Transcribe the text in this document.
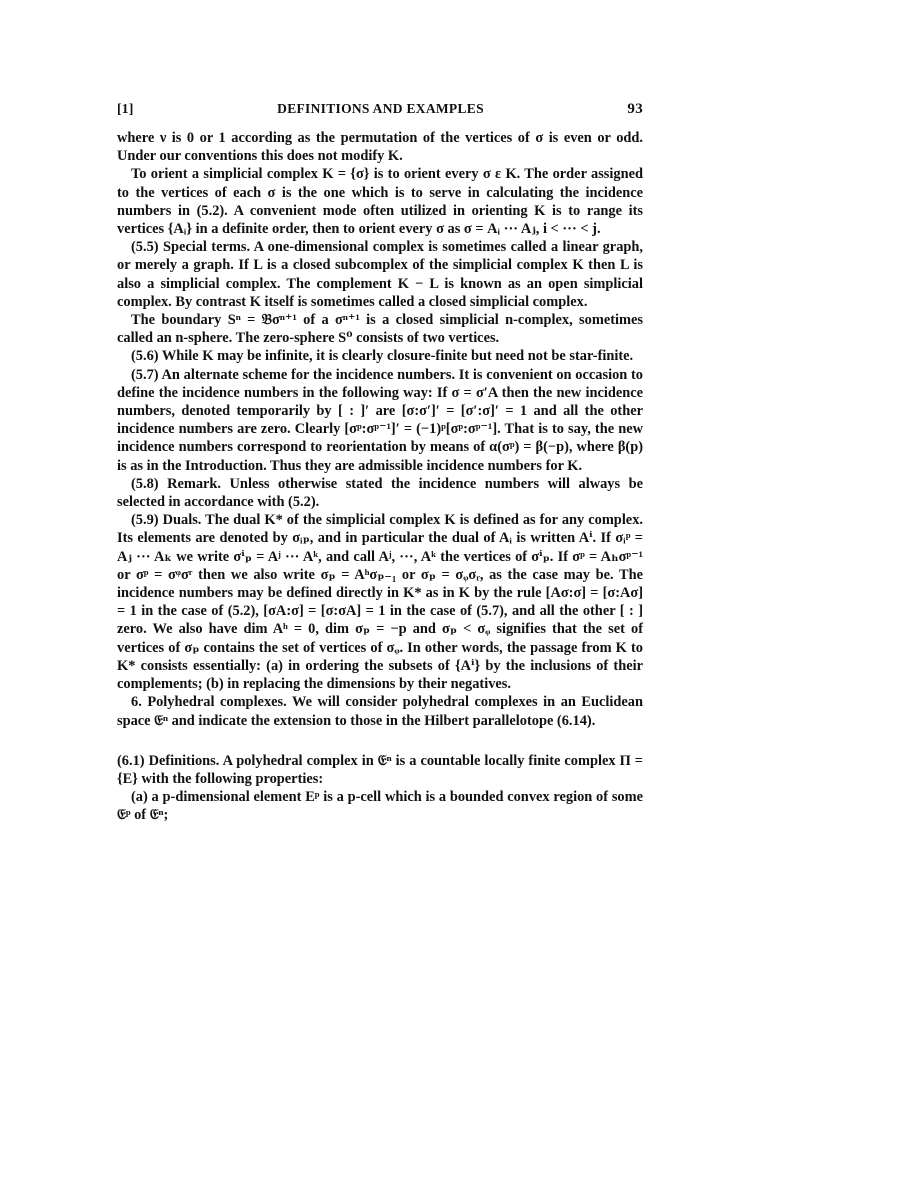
[1]	DEFINITIONS AND EXAMPLES	93

where ν is 0 or 1 according as the permutation of the vertices of σ is even or odd. Under our conventions this does not modify K.

To orient a simplicial complex K = {σ} is to orient every σ ε K. The order assigned to the vertices of each σ is the one which is to serve in calculating the incidence numbers in (5.2). A convenient mode often utilized in orienting K is to range its vertices {Aᵢ} in a definite order, then to orient every σ as σ = Aᵢ ··· Aⱼ, i < ··· < j.

(5.5) Special terms. A one-dimensional complex is sometimes called a linear graph, or merely a graph. If L is a closed subcomplex of the simplicial complex K then L is also a simplicial complex. The complement K − L is known as an open simplicial complex. By contrast K itself is sometimes called a closed simplicial complex.

The boundary Sⁿ = 𝔅σⁿ⁺¹ of a σⁿ⁺¹ is a closed simplicial n-complex, sometimes called an n-sphere. The zero-sphere S⁰ consists of two vertices.

(5.6) While K may be infinite, it is clearly closure-finite but need not be star-finite.

(5.7) An alternate scheme for the incidence numbers. It is convenient on occasion to define the incidence numbers in the following way: If σ = σ′A then the new incidence numbers, denoted temporarily by [ : ]′ are [σ:σ′]′ = [σ′:σ]′ = 1 and all the other incidence numbers are zero. Clearly [σᵖ:σᵖ⁻¹]′ = (−1)ᵖ[σᵖ:σᵖ⁻¹]. That is to say, the new incidence numbers correspond to reorientation by means of α(σᵖ) = β(−p), where β(p) is as in the Introduction. Thus they are admissible incidence numbers for K.

(5.8) Remark. Unless otherwise stated the incidence numbers will always be selected in accordance with (5.2).

(5.9) Duals. The dual K* of the simplicial complex K is defined as for any complex. Its elements are denoted by σᵢₚ, and in particular the dual of Aᵢ is written Aⁱ. If σᵢᵖ = Aⱼ ··· Aₖ we write σⁱₚ = Aʲ ··· Aᵏ, and call Aʲ, ···, Aᵏ the vertices of σⁱₚ. If σᵖ = Aₕσᵖ⁻¹ or σᵖ = σᵠσʳ then we also write σₚ = Aʰσₚ₋₁ or σₚ = σᵩσᵣ, as the case may be. The incidence numbers may be defined directly in K* as in K by the rule [Aσ:σ] = [σ:Aσ] = 1 in the case of (5.2), [σA:σ] = [σ:σA] = 1 in the case of (5.7), and all the other [ : ] zero. We also have dim Aʰ = 0, dim σₚ = −p and σₚ < σᵩ signifies that the set of vertices of σₚ contains the set of vertices of σᵩ. In other words, the passage from K to K* consists essentially: (a) in ordering the subsets of {Aⁱ} by the inclusions of their complements; (b) in replacing the dimensions by their negatives.

6. Polyhedral complexes. We will consider polyhedral complexes in an Euclidean space 𝔈ⁿ and indicate the extension to those in the Hilbert parallelotope (6.14).

(6.1) Definitions. A polyhedral complex in 𝔈ⁿ is a countable locally finite complex Π = {E} with the following properties:

(a) a p-dimensional element Eᵖ is a p-cell which is a bounded convex region of some 𝔈ᵖ of 𝔈ⁿ;
